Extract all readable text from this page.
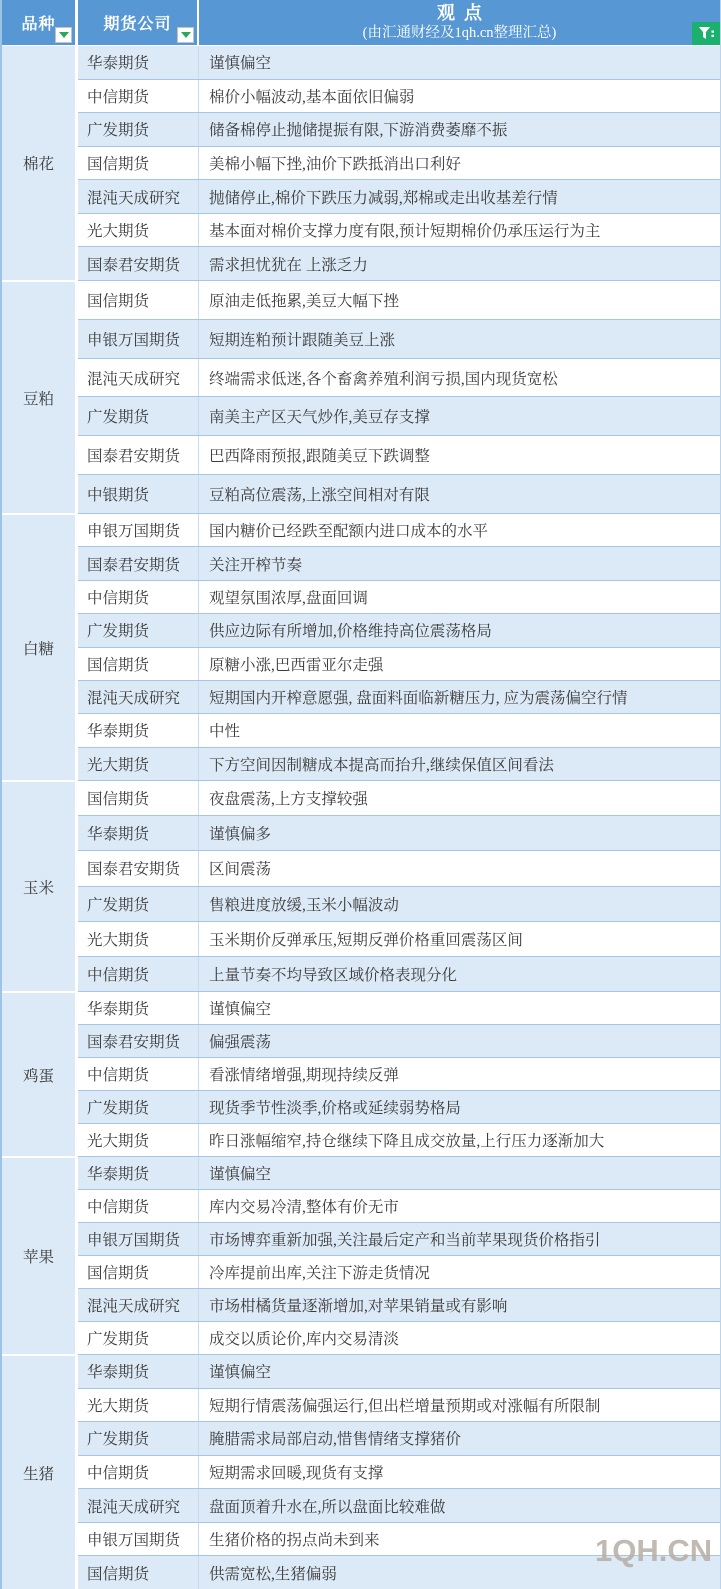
品种	期货公司
观  点
(由汇通财经及1qh.cn整理汇总)
棉花
华泰期货	谨慎偏空
中信期货	棉价小幅波动,基本面依旧偏弱
广发期货	储备棉停止抛储提振有限,下游消费萎靡不振
国信期货	美棉小幅下挫,油价下跌抵消出口利好
混沌天成研究	抛储停止,棉价下跌压力减弱,郑棉或走出收基差行情
光大期货	基本面对棉价支撑力度有限,预计短期棉价仍承压运行为主
国泰君安期货	需求担忧犹在 上涨乏力
豆粕
国信期货	原油走低拖累,美豆大幅下挫
申银万国期货	短期连粕预计跟随美豆上涨
混沌天成研究	终端需求低迷,各个畜禽养殖利润亏损,国内现货宽松
广发期货	南美主产区天气炒作,美豆存支撑
国泰君安期货	巴西降雨预报,跟随美豆下跌调整
中银期货	豆粕高位震荡,上涨空间相对有限
白糖
申银万国期货	国内糖价已经跌至配额内进口成本的水平
国泰君安期货	关注开榨节奏
中信期货	观望氛围浓厚,盘面回调
广发期货	供应边际有所增加,价格维持高位震荡格局
国信期货	原糖小涨,巴西雷亚尔走强
混沌天成研究	短期国内开榨意愿强, 盘面料面临新糖压力, 应为震荡偏空行情
华泰期货	中性
光大期货	下方空间因制糖成本提高而抬升,继续保值区间看法
玉米
国信期货	夜盘震荡,上方支撑较强
华泰期货	谨慎偏多
国泰君安期货	区间震荡
广发期货	售粮进度放缓,玉米小幅波动
光大期货	玉米期价反弹承压,短期反弹价格重回震荡区间
中信期货	上量节奏不均导致区域价格表现分化
鸡蛋
华泰期货	谨慎偏空
国泰君安期货	偏强震荡
中信期货	看涨情绪增强,期现持续反弹
广发期货	现货季节性淡季,价格或延续弱势格局
光大期货	昨日涨幅缩窄,持仓继续下降且成交放量,上行压力逐渐加大
苹果
华泰期货	谨慎偏空
中信期货	库内交易冷清,整体有价无市
申银万国期货	市场博弈重新加强,关注最后定产和当前苹果现货价格指引
国信期货	冷库提前出库,关注下游走货情况
混沌天成研究	市场柑橘货量逐渐增加,对苹果销量或有影响
广发期货	成交以质论价,库内交易清淡
生猪
华泰期货	谨慎偏空
光大期货	短期行情震荡偏强运行,但出栏增量预期或对涨幅有所限制
广发期货	腌腊需求局部启动,惜售情绪支撑猪价
中信期货	短期需求回暖,现货有支撑
混沌天成研究	盘面顶着升水在,所以盘面比较难做
申银万国期货	生猪价格的拐点尚未到来
国信期货	供需宽松,生猪偏弱
1QH.CN
